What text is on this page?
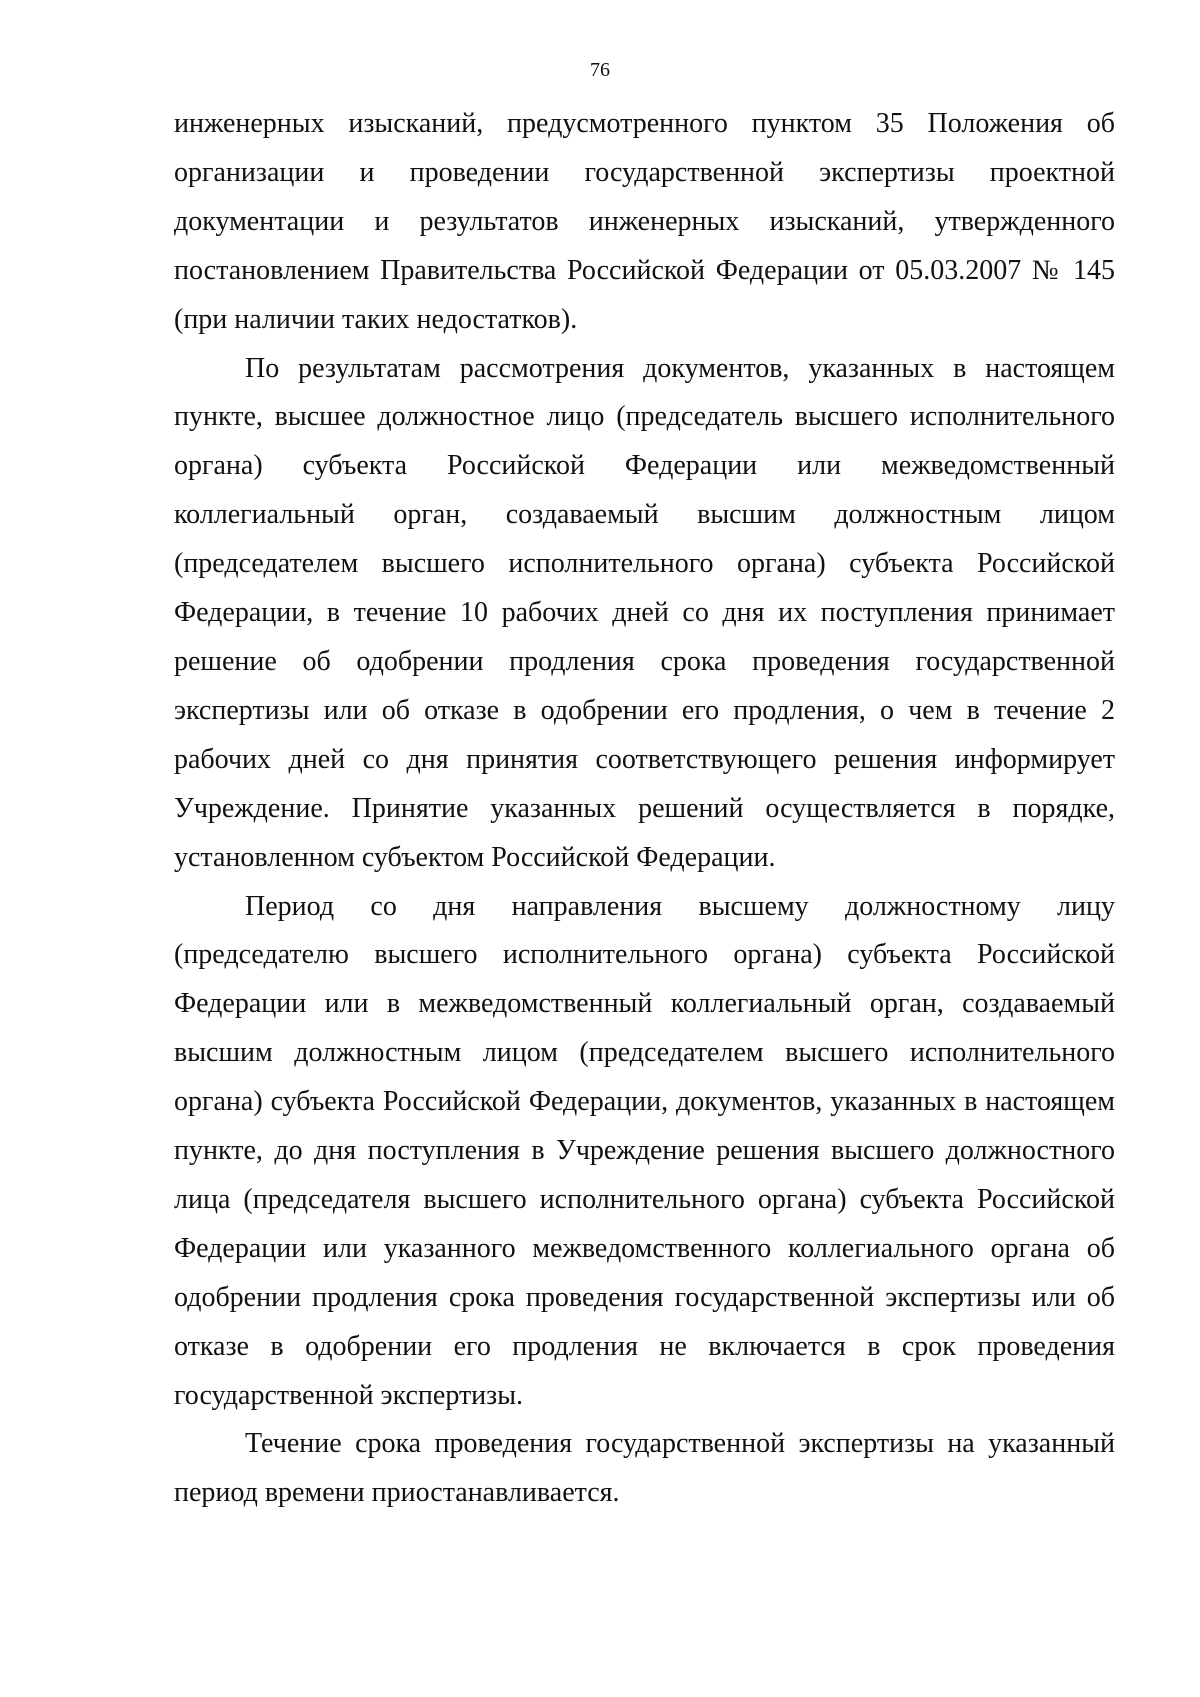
76

инженерных изысканий, предусмотренного пунктом 35 Положения об организации и проведении государственной экспертизы проектной документации и результатов инженерных изысканий, утвержденного постановлением Правительства Российской Федерации от 05.03.2007 № 145 (при наличии таких недостатков).

По результатам рассмотрения документов, указанных в настоящем пункте, высшее должностное лицо (председатель высшего исполнительного органа) субъекта Российской Федерации или межведомственный коллегиальный орган, создаваемый высшим должностным лицом (председателем высшего исполнительного органа) субъекта Российской Федерации, в течение 10 рабочих дней со дня их поступления принимает решение об одобрении продления срока проведения государственной экспертизы или об отказе в одобрении его продления, о чем в течение 2 рабочих дней со дня принятия соответствующего решения информирует Учреждение. Принятие указанных решений осуществляется в порядке, установленном субъектом Российской Федерации.

Период со дня направления высшему должностному лицу (председателю высшего исполнительного органа) субъекта Российской Федерации или в межведомственный коллегиальный орган, создаваемый высшим должностным лицом (председателем высшего исполнительного органа) субъекта Российской Федерации, документов, указанных в настоящем пункте, до дня поступления в Учреждение решения высшего должностного лица (председателя высшего исполнительного органа) субъекта Российской Федерации или указанного межведомственного коллегиального органа об одобрении продления срока проведения государственной экспертизы или об отказе в одобрении его продления не включается в срок проведения государственной экспертизы.

Течение срока проведения государственной экспертизы на указанный период времени приостанавливается.
